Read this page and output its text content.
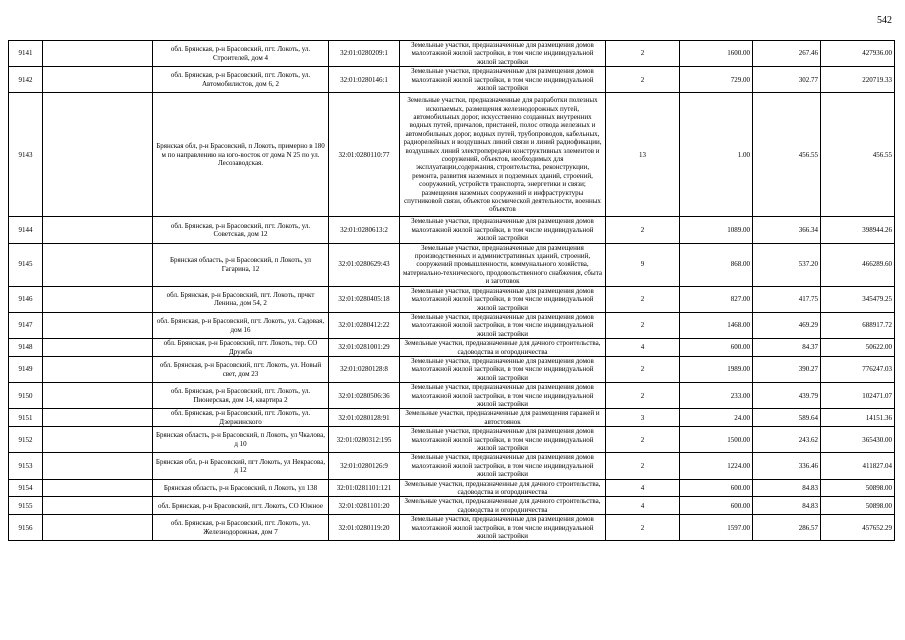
542
9141		обл. Брянская, р-н Брасовский, пгт. Локоть, ул. Строителей, дом 4	32:01:0280209:1	Земельные участки, предназначенные для размещения домов малоэтажной жилой застройки, в том числе индивидуальной жилой застройки	2	1600.00	267.46	427936.00
9142		обл. Брянская, р-н Брасовский, пгт. Локоть, ул. Автомобилистов, дом 6, 2	32:01:0280146:1	Земельные участки, предназначенные для размещения домов малоэтажной жилой застройки, в том числе индивидуальной жилой застройки	2	729.00	302.77	220719.33
9143		Брянская обл, р-н Брасовский, п Локоть, примерно в 180 м по направлению на юго-восток от дома N 25 по ул. Лесозаводская.	32:01:0280110:77	Земельные участки, предназначенные для разработки полезных ископаемых, размещения железнодорожных путей, автомобильных дорог, искусственно созданных внутренних водных путей, причалов, пристаней, полос отвода железных и автомобильных дорог, водных путей, трубопроводов, кабельных, радиорелейных и воздушных линий связи и линий радиофикации, воздушных линий электропередачи конструктивных элементов и сооружений, объектов, необходимых для эксплуатации,содержания, строительства, реконструкции, ремонта, развития наземных и подземных зданий, строений, сооружений, устройств транспорта, энергетики и связи; размещения наземных сооружений и инфраструктуры спутниковой связи, объектов космической деятельности, военных объектов	13	1.00	456.55	456.55
9144		обл. Брянская, р-н Брасовский, пгт. Локоть, ул. Советская, дом 12	32:01:0280613:2	Земельные участки, предназначенные для размещения домов малоэтажной жилой застройки, в том числе индивидуальной жилой застройки	2	1089.00	366.34	398944.26
9145		Брянская область, р-н Брасовский, п Локоть, ул Гагарина, 12	32:01:0280629:43	Земельные участки, предназначенные для размещения производственных и административных зданий, строений, сооружений промышленности, коммунального хозяйства, материально-технического, продовольственного снабжения, сбыта и заготовок	9	868.00	537.20	466289.60
9146		обл. Брянская, р-н Брасовский, пгт. Локоть, прчкт Ленина, дом 54, 2	32:01:0280405:18	Земельные участки, предназначенные для размещения домов малоэтажной жилой застройки, в том числе индивидуальной жилой застройки	2	827.00	417.75	345479.25
9147		обл. Брянская, р-н Брасовский, пгт. Локоть, ул. Садовая, дом 16	32:01:0280412:22	Земельные участки, предназначенные для размещения домов малоэтажной жилой застройки, в том числе индивидуальной жилой застройки	2	1468.00	469.29	688917.72
9148		обл. Брянская, р-н Брасовский, пгт. Локоть, тер. СО Дружба	32:01:0281001:29	Земельные участки, предназначенные для дачного строительства, садоводства и огородничества	4	600.00	84.37	50622.00
9149		обл. Брянская, р-н Брасовский, пгт. Локоть, ул. Новый свет, дом 23	32:01:0280128:8	Земельные участки, предназначенные для размещения домов малоэтажной жилой застройки, в том числе индивидуальной жилой застройки	2	1989.00	390.27	776247.03
9150		обл. Брянская, р-н Брасовский, пгт. Локоть, ул. Пионерская, дом 14, квартира 2	32:01:0280506:36	Земельные участки, предназначенные для размещения домов малоэтажной жилой застройки, в том числе индивидуальной жилой застройки	2	233.00	439.79	102471.07
9151		обл. Брянская, р-н Брасовский, пгт. Локоть, ул. Дзержинского	32:01:0280128:91	Земельные участки, предназначенные для размещения гаражей и автостоянок	3	24.00	589.64	14151.36
9152		Брянская область, р-н Брасовский, п Локоть, ул Чкаловa, д 10	32:01:0280312:195	Земельные участки, предназначенные для размещения домов малоэтажной жилой застройки, в том числе индивидуальной жилой застройки	2	1500.00	243.62	365430.00
9153		Брянская обл, р-н Брасовский, пгт Локоть, ул Некрасова, д 12	32:01:0280126:9	Земельные участки, предназначенные для размещения домов малоэтажной жилой застройки, в том числе индивидуальной жилой застройки	2	1224.00	336.46	411827.04
9154		Брянская область, р-н Брасовский, п Локоть, ул 138	32:01:0281101:121	Земельные участки, предназначенные для дачного строительства, садоводства и огородничества	4	600.00	84.83	50898.00
9155		обл. Брянская, р-н Брасовский, пгт. Локоть, СО Южное	32:01:0281101:20	Земельные участки, предназначенные для дачного строительства, садоводства и огородничества	4	600.00	84.83	50898.00
9156		обл. Брянская, р-н Брасовский, пгт. Локоть, ул. Железнодорожная, дом 7	32:01:0280119:20	Земельные участки, предназначенные для размещения домов малоэтажной жилой застройки, в том числе индивидуальной жилой застройки	2	1597.00	286.57	457652.29
